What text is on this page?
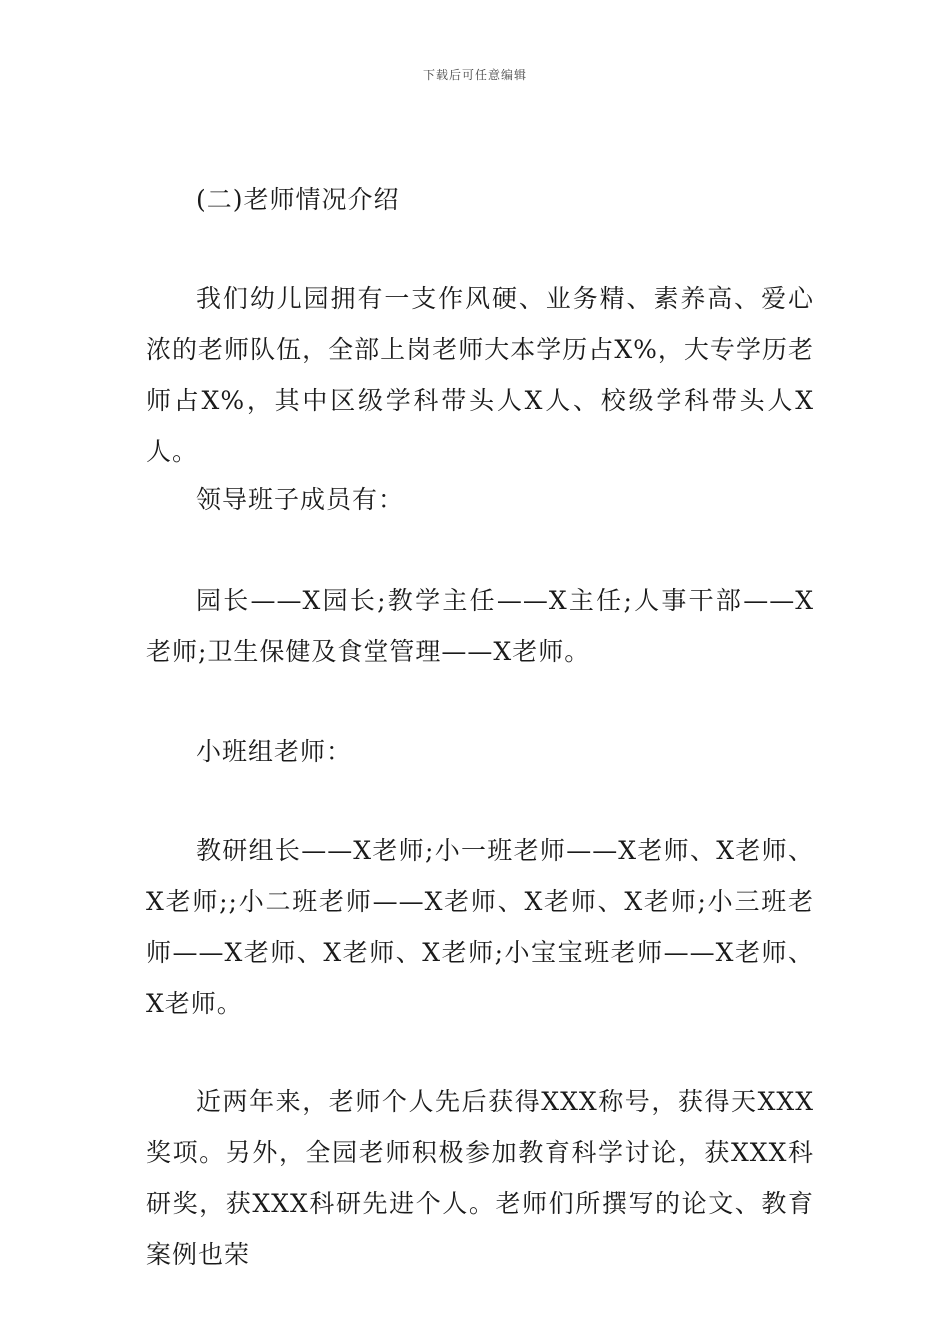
下载后可任意编辑

(二)老师情况介绍

我们幼儿园拥有一支作风硬、业务精、素养高、爱心浓的老师队伍，全部上岗老师大本学历占X%，大专学历老师占X%，其中区级学科带头人X人、校级学科带头人X人。

领导班子成员有：

园长——X园长;教学主任——X主任;人事干部——X老师;卫生保健及食堂管理——X老师。

小班组老师：

教研组长——X老师;小一班老师——X老师、X老师、X老师;;小二班老师——X老师、X老师、X老师;小三班老师——X老师、X老师、X老师;小宝宝班老师——X老师、X老师。

近两年来，老师个人先后获得XXX称号，获得天XXX奖项。另外，全园老师积极参加教育科学讨论，获XXX科研奖，获XXX科研先进个人。老师们所撰写的论文、教育案例也荣
